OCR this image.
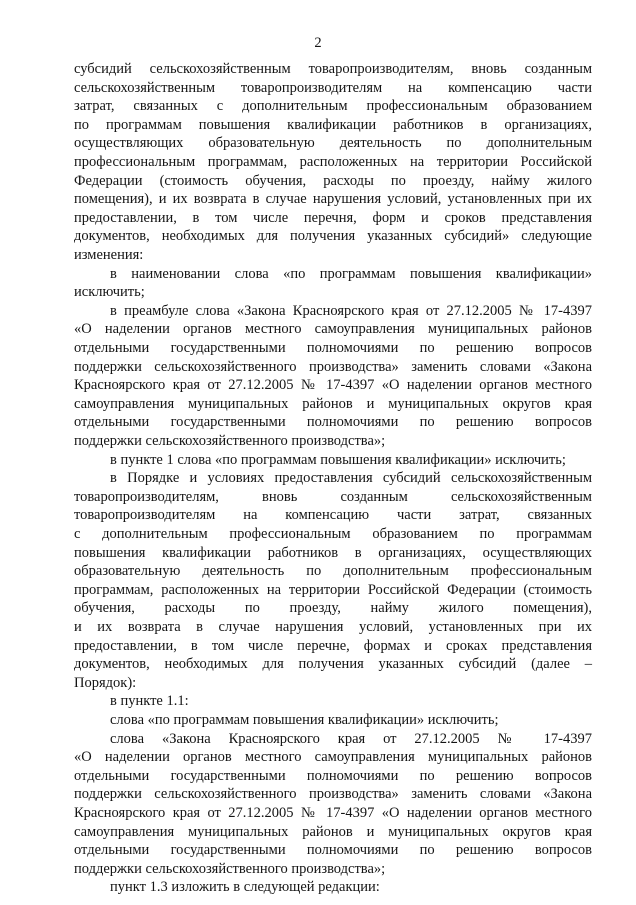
2
субсидий сельскохозяйственным товаропроизводителям, вновь созданным
сельскохозяйственным товаропроизводителям на компенсацию части
затрат, связанных с дополнительным профессиональным образованием
по программам повышения квалификации работников в организациях,
осуществляющих образовательную деятельность по дополнительным
профессиональным программам, расположенных на территории Российской
Федерации (стоимость обучения, расходы по проезду, найму жилого
помещения), и их возврата в случае нарушения условий, установленных при их
предоставлении, в том числе перечня, форм и сроков представления
документов, необходимых для получения указанных субсидий» следующие
изменения:
в наименовании слова «по программам повышения квалификации»
исключить;
в преамбуле слова «Закона Красноярского края от 27.12.2005 № 17-4397
«О наделении органов местного самоуправления муниципальных районов
отдельными государственными полномочиями по решению вопросов
поддержки сельскохозяйственного производства» заменить словами «Закона
Красноярского края от 27.12.2005 № 17-4397 «О наделении органов местного
самоуправления муниципальных районов и муниципальных округов края
отдельными государственными полномочиями по решению вопросов
поддержки сельскохозяйственного производства»;
в пункте 1 слова «по программам повышения квалификации» исключить;
в Порядке и условиях предоставления субсидий сельскохозяйственным
товаропроизводителям, вновь созданным сельскохозяйственным
товаропроизводителям на компенсацию части затрат, связанных
с дополнительным профессиональным образованием по программам
повышения квалификации работников в организациях, осуществляющих
образовательную деятельность по дополнительным профессиональным
программам, расположенных на территории Российской Федерации (стоимость
обучения, расходы по проезду, найму жилого помещения),
и их возврата в случае нарушения условий, установленных при их
предоставлении, в том числе перечне, формах и сроках представления
документов, необходимых для получения указанных субсидий (далее –
Порядок):
в пункте 1.1:
слова «по программам повышения квалификации» исключить;
слова «Закона Красноярского края от 27.12.2005 № 17-4397
«О наделении органов местного самоуправления муниципальных районов
отдельными государственными полномочиями по решению вопросов
поддержки сельскохозяйственного производства» заменить словами «Закона
Красноярского края от 27.12.2005 № 17-4397 «О наделении органов местного
самоуправления муниципальных районов и муниципальных округов края
отдельными государственными полномочиями по решению вопросов
поддержки сельскохозяйственного производства»;
пункт 1.3 изложить в следующей редакции:
